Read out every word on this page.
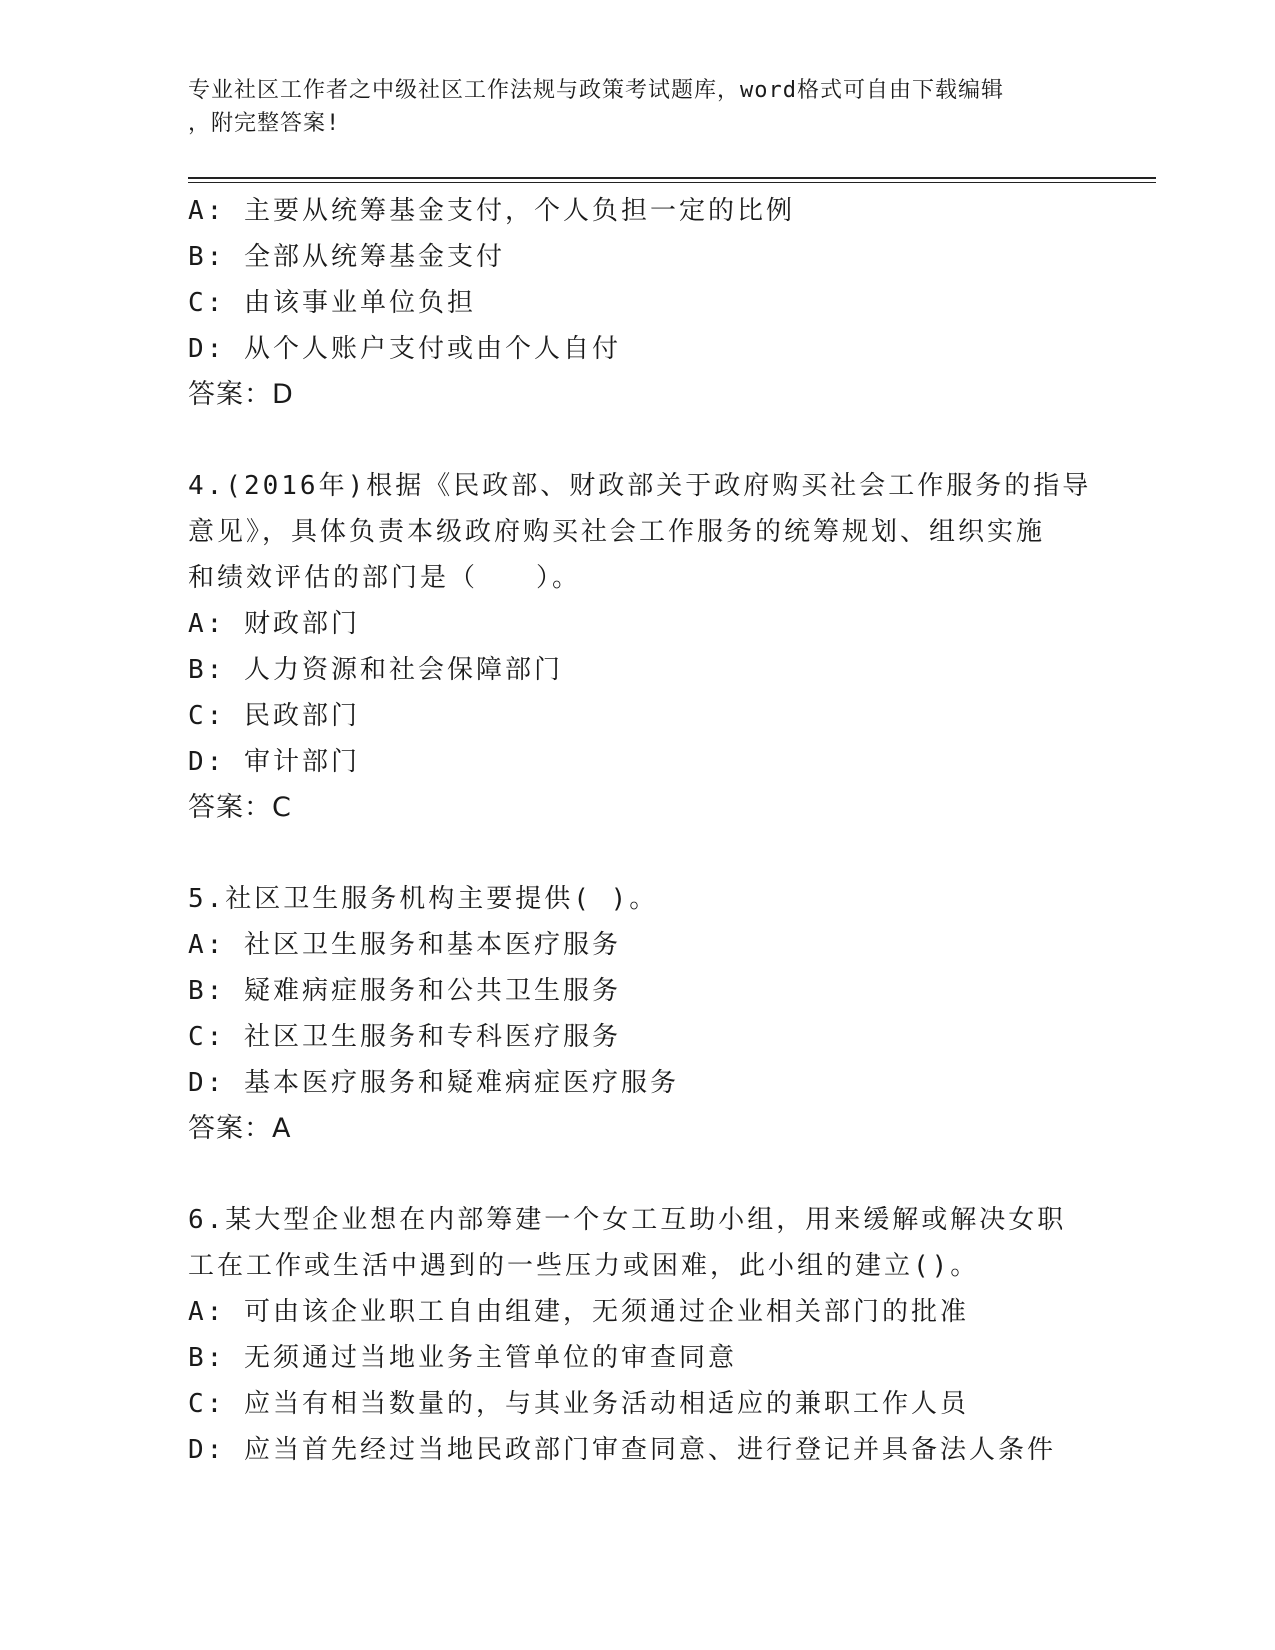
专业社区工作者之中级社区工作法规与政策考试题库，word格式可自由下载编辑
，附完整答案!
A: 主要从统筹基金支付，个人负担一定的比例
B: 全部从统筹基金支付
C: 由该事业单位负担
D: 从个人账户支付或由个人自付
答案：D
4.(2016年)根据《民政部、财政部关于政府购买社会工作服务的指导
意见》，具体负责本级政府购买社会工作服务的统筹规划、组织实施
和绩效评估的部门是（　　）。
A: 财政部门
B: 人力资源和社会保障部门
C: 民政部门
D: 审计部门
答案：C
5.社区卫生服务机构主要提供( )。
A: 社区卫生服务和基本医疗服务
B: 疑难病症服务和公共卫生服务
C: 社区卫生服务和专科医疗服务
D: 基本医疗服务和疑难病症医疗服务
答案：A
6.某大型企业想在内部筹建一个女工互助小组，用来缓解或解决女职
工在工作或生活中遇到的一些压力或困难，此小组的建立()。
A: 可由该企业职工自由组建，无须通过企业相关部门的批准
B: 无须通过当地业务主管单位的审查同意
C: 应当有相当数量的，与其业务活动相适应的兼职工作人员
D: 应当首先经过当地民政部门审查同意、进行登记并具备法人条件
